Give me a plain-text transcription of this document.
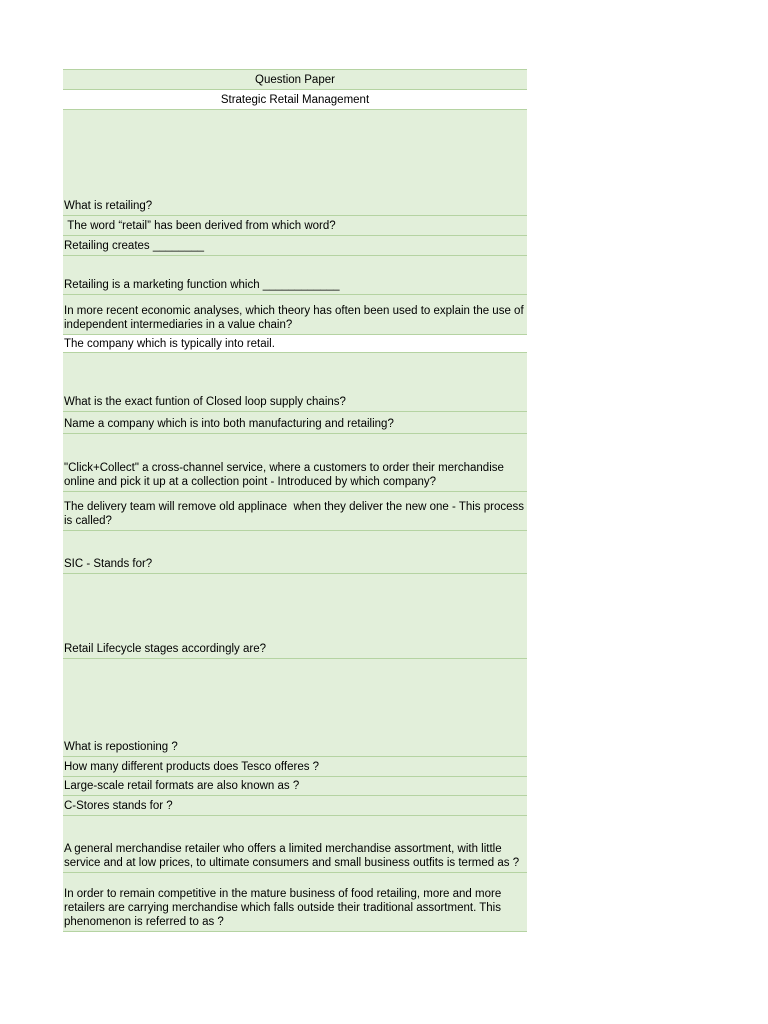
Question Paper
Strategic Retail Management
What is retailing?
The word “retail” has been derived from which word?
Retailing creates ________
Retailing is a marketing function which ____________
In more recent economic analyses, which theory has often been used to explain the use of independent intermediaries in a value chain?
The company which is typically into retail.
What is the exact funtion of Closed loop supply chains?
Name a company which is into both manufacturing and retailing?
"Click+Collect" a cross-channel service, where a customers to order their merchandise online and pick it up at a collection point - Introduced by which company?
The delivery team will remove old applinace  when they deliver the new one - This process is called?
SIC - Stands for?
Retail Lifecycle stages accordingly are?
What is repostioning ?
How many different products does Tesco offeres ?
Large-scale retail formats are also known as ?
C-Stores stands for ?
A general merchandise retailer who offers a limited merchandise assortment, with little service and at low prices, to ultimate consumers and small business outfits is termed as ?
In order to remain competitive in the mature business of food retailing, more and more retailers are carrying merchandise which falls outside their traditional assortment. This phenomenon is referred to as ?
